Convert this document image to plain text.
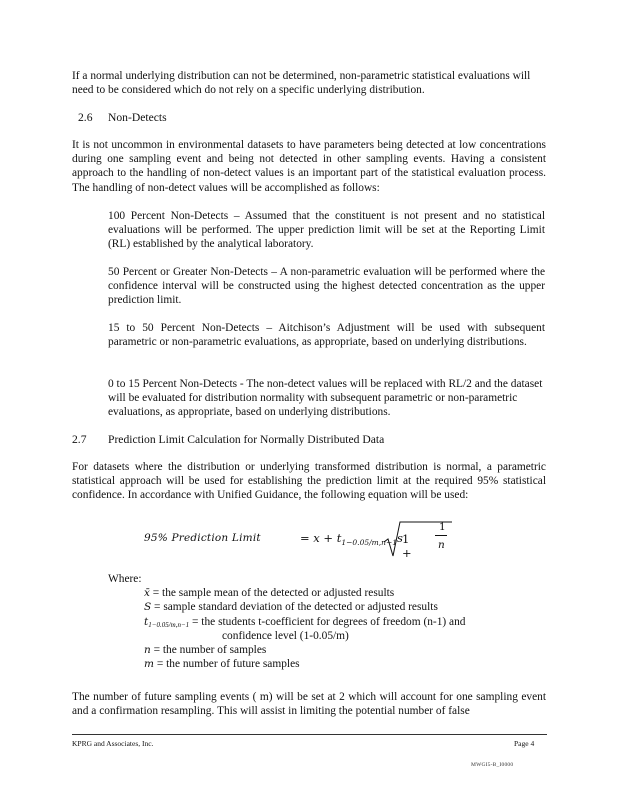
If a normal underlying distribution can not be determined, non-parametric statistical evaluations will need to be considered which do not rely on a specific underlying distribution.

2.6 Non-Detects

It is not uncommon in environmental datasets to have parameters being detected at low concentrations during one sampling event and being not detected in other sampling events. Having a consistent approach to the handling of non-detect values is an important part of the statistical evaluation process. The handling of non-detect values will be accomplished as follows:

100 Percent Non-Detects – Assumed that the constituent is not present and no statistical evaluations will be performed. The upper prediction limit will be set at the Reporting Limit (RL) established by the analytical laboratory.

50 Percent or Greater Non-Detects – A non-parametric evaluation will be performed where the confidence interval will be constructed using the highest detected concentration as the upper prediction limit.

15 to 50 Percent Non-Detects – Aitchison’s Adjustment will be used with subsequent parametric or non-parametric evaluations, as appropriate, based on underlying distributions.

0 to 15 Percent Non-Detects - The non-detect values will be replaced with RL/2 and the dataset will be evaluated for distribution normality with subsequent parametric or non-parametric evaluations, as appropriate, based on underlying distributions.

2.7 Prediction Limit Calculation for Normally Distributed Data

For datasets where the distribution or underlying transformed distribution is normal, a parametric statistical approach will be used for establishing the prediction limit at the required 95% statistical confidence. In accordance with Unified Guidance, the following equation will be used:

95% Prediction Limit	= $x + t_{1-0.05/m,n-1}s$ 1 +
1
n
Where:
x̄ = the sample mean of the detected or adjusted results
S = sample standard deviation of the detected or adjusted results
t1−0.05/m,n−1 = the students t-coefficient for degrees of freedom (n-1) and
confidence level (1-0.05/m)
n = the number of samples
m = the number of future samples

The number of future sampling events ( m) will be set at 2 which will account for one sampling event and a confirmation resampling. This will assist in limiting the potential number of false

KPRG and Associates, Inc.	Page 4
MWGI5-B_I0000
